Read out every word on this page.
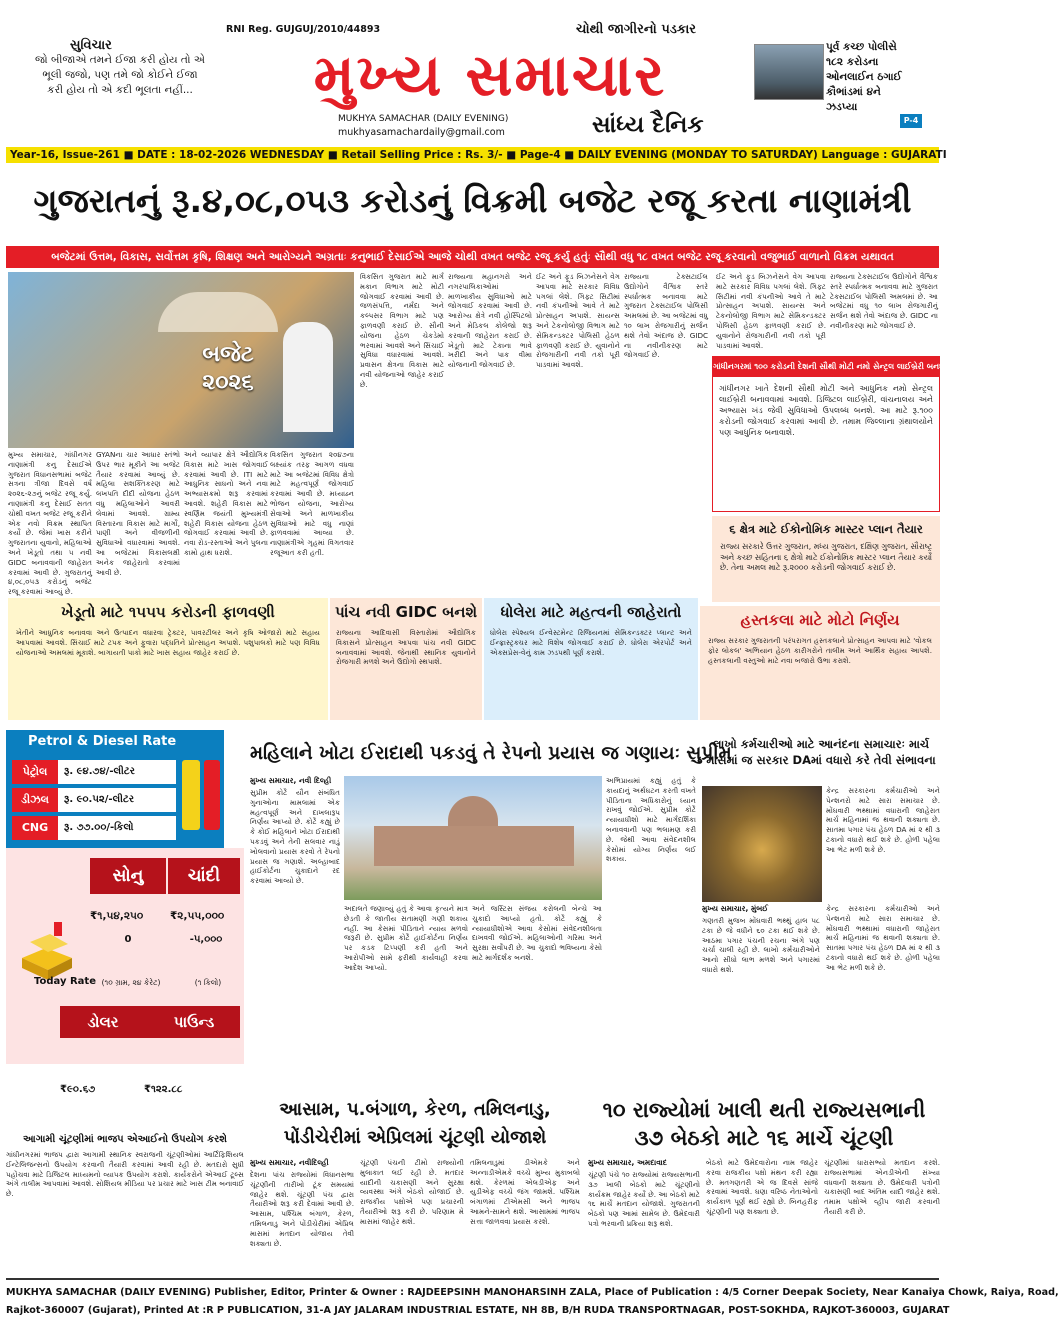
સુવિચાર
જો બીજાએ તમને ઈજા કરી હોય તો એ
ભૂલી જજો, પણ તમે જો કોઈને ઈજા
કરી હોય તો એ કદી ભૂલતા નહીં...
RNI Reg. GUJGUJ/2010/44893	ચોથી જાગીરનો પડકાર
મુખ્ય સમાચાર
MUKHYA SAMACHAR (DAILY EVENING)
mukhyasamachardaily@gmail.com	સાંધ્ય દૈનિક
પૂર્વ કચ્છ પોલીસે
૧૮૨ કરોડના
ઓનલાઈન ઠગાઈ
કૌભાંડમાં ૪ને
ઝડપ્યા
P-4
Year-16, Issue-261 ■ DATE : 18-02-2026 WEDNESDAY ■ Retail Selling Price : Rs. 3/- ■ Page-4 ■ DAILY EVENING (MONDAY TO SATURDAY) Language : GUJARATI
ગુજરાતનું રૂ.૪,૦૮,૦૫૩ કરોડનું વિક્રમી બજેટ રજૂ કરતા નાણામંત્રી
બજેટમાં ઉત્તમ, વિકાસ, સર્વોત્તમ કૃષિ, શિક્ષણ અને આરોગ્યને અગ્રતાઃ કનુભાઈ દેસાઈએ આજે ચોથી વખત બજેટ રજૂ કર્યુ હતુંઃ સૌથી વધુ ૧૮ વખત બજેટ રજૂ કરવાનો વજુભાઈ વાળાનો વિક્રમ યથાવત
બજેટ ૨૦૨૬
મુખ્ય સમાચાર, ગાંધીનગર નાણામંત્રી કનુ દેસાઈએ ગુજરાત વિધાનસભામાં બજેટ સત્રના ત્રીજા દિવસે વર્ષ ૨૦૨૬-૨૭નું બજેટ રજૂ કર્યુ. નાણામંત્રી કનુ દેસાઈ સતત ચોથી વખત બજેટ રજૂ કરીને એક નવો વિક્રમ સ્થાપિત કર્યો છે. જેમાં ખાસ કરીને ગુજરાતના યુવાનો, મહિલાઓ અને ખેડૂતો તથા ૫ નવી GIDC બનાવવાની જાહેરાત કરવામાં આવી છે. ગુજરાતનું ૪,૦૮,૦૫૩ કરોડનું બજેટ રજૂ કરવામાં આવ્યું છે.
GYANના ચાર આધાર સ્તંભો ઉપર ભાર મૂકીને આ બજેટ તૈયાર કરવામાં આવ્યું છે. મહિલા સશક્તિકરણ માટે લખપતિ દીદી યોજના હેઠળ વધુ મહિલાઓને આવરી લેવામાં આવશે. ગ્રામ્ય વિસ્તારના વિકાસ માટે માર્ગો, પાણી અને વીજળીની સુવિધાઓ વધારવામાં આવશે. આ બજેટમાં વિકાસલક્ષી અનેક જાહેરાતો કરવામાં આવી છે.
અને વ્યાપાર ક્ષેત્રે ઔદ્યોગિક વિકાસ માટે ખાસ જોગવાઈ કરવામાં આવી છે. ITI માટે આધુનિક સાધનો અને નવા અભ્યાસક્રમો શરૂ કરવામાં આવશે. શહેરી વિકાસ માટે સ્વર્ણિમ જયંતી મુખ્યમંત્રી શહેરી વિકાસ યોજના હેઠળ જોગવાઈ કરવામાં આવી છે. નવા રોડ-રસ્તાઓ અને પુલના કામો હાથ ધરાશે.
વિકસિત ગુજરાત ૨૦૪૭ના લક્ષ્યાંક તરફ આગળ વધવા માટે આ બજેટમાં વિવિધ ક્ષેત્રો માટે મહત્વપૂર્ણ જોગવાઈ કરવામાં આવી છે. મધ્યાહ્ન ભોજન યોજના, આરોગ્ય સેવાઓ અને માળખાકીય સુવિધાઓ માટે વધુ નાણાં ફાળવવામાં આવ્યા છે. નાણામંત્રીએ ગૃહમાં વિગતવાર રજૂઆત કરી હતી.
વિકસિત ગુજરાત માટે માર્ગ મકાન વિભાગ માટે મોટી જોગવાઈ કરવામાં આવી છે. જળસંપત્તિ, નર્મદા અને કલ્પસર વિભાગ માટે પણ ફાળવણી કરાઈ છે. સૌની યોજના હેઠળ ચેકડેમો ભરવામાં આવશે અને સિંચાઈ સુવિધા વધારવામાં આવશે. પ્રવાસન ક્ષેત્રના વિકાસ માટે નવી યોજનાઓ જાહેર કરાઈ છે.
રાજ્યના મહાનગરો અને નગરપાલિકાઓમાં માળખાકીય સુવિધાઓ માટે જોગવાઈ કરવામાં આવી છે. આરોગ્ય ક્ષેત્રે નવી હોસ્પિટલો અને મેડિકલ કોલેજો શરૂ કરવાની જાહેરાત કરાઈ છે. ખેડૂતો માટે ટેકાના ભાવે ખરીદી અને પાક વીમા યોજનાની જોગવાઈ છે.
ઈટ અને ફૂડ બિઝનેસને વેગ આપવા માટે સરકાર વિવિધ પગલાં લેશે. ગિફ્ટ સિટીમાં નવી કંપનીઓ આવે તે માટે પ્રોત્સાહન અપાશે. સાયન્સ અને ટેકનોલોજી વિભાગ માટે સેમિકન્ડક્ટર પોલિસી હેઠળ ફાળવણી કરાઈ છે. યુવાનોને રોજગારીની નવી તકો પૂરી પાડવામાં આવશે.
રાજ્યના ટેક્સટાઈલ ઉદ્યોગોને વૈશ્વિક સ્તરે સ્પર્ધાત્મક બનાવવા માટે ગુજરાત ટેક્સટાઈલ પોલિસી અમલમાં છે. આ બજેટમાં વધુ ૧૦ લાખ રોજગારીનું સર્જન થશે તેવો અંદાજ છે. GIDC ના નવીનીકરણ માટે જોગવાઈ છે.
ઈટ અને ફૂડ બિઝનેસને વેગ આપવા માટે સરકાર વિવિધ પગલાં લેશે. ગિફ્ટ સિટીમાં નવી કંપનીઓ આવે તે માટે પ્રોત્સાહન અપાશે. સાયન્સ અને ટેકનોલોજી વિભાગ માટે સેમિકન્ડક્ટર પોલિસી હેઠળ ફાળવણી કરાઈ છે. યુવાનોને રોજગારીની નવી તકો પૂરી પાડવામાં આવશે.
રાજ્યના ટેક્સટાઈલ ઉદ્યોગોને વૈશ્વિક સ્તરે સ્પર્ધાત્મક બનાવવા માટે ગુજરાત ટેક્સટાઈલ પોલિસી અમલમાં છે. આ બજેટમાં વધુ ૧૦ લાખ રોજગારીનું સર્જન થશે તેવો અંદાજ છે. GIDC ના નવીનીકરણ માટે જોગવાઈ છે.
ગાંધીનગરમાં ૧૦૦ કરોડની દેશની સૌથી મોટી નમો સેન્ટ્રલ લાઈબ્રેરી બનશે
ગાંધીનગર ખાતે દેશની સૌથી મોટી અને આધુનિક નમો સેન્ટ્રલ લાઈબ્રેરી બનાવવામાં આવશે. ડિજિટલ લાઈબ્રેરી, વાંચનાલય અને અભ્યાસ ખંડ જેવી સુવિધાઓ ઉપલબ્ધ બનશે. આ માટે રૂ.૧૦૦ કરોડની જોગવાઈ કરવામાં આવી છે. તમામ જિલ્લાના ગ્રંથાલયોને પણ આધુનિક બનાવાશે.
૬ ક્ષેત્ર માટે ઈકોનોમિક માસ્ટર પ્લાન તૈયાર
રાજ્ય સરકારે ઉત્તર ગુજરાત, મધ્ય ગુજરાત, દક્ષિણ ગુજરાત, સૌરાષ્ટ્ર અને કચ્છ સહિતના ૬ ક્ષેત્રો માટે ઈકોનોમિક માસ્ટર પ્લાન તૈયાર કર્યો છે. તેના અમલ માટે રૂ.૨૦૦૦ કરોડની જોગવાઈ કરાઈ છે.
ખેડૂતો માટે ૧૫૫૫ કરોડની ફાળવણી
ખેતીને આધુનિક બનાવવા અને ઉત્પાદન વધારવા ટ્રેક્ટર, પાવરટીલર અને કૃષિ ઓજારો માટે સહાય આપવામાં આવશે. સિંચાઈ માટે ટપક અને ફુવારા પદ્ધતિને પ્રોત્સાહન અપાશે. પશુપાલકો માટે પણ વિવિધ યોજનાઓ અમલમાં મૂકાશે. બાગાયતી પાકો માટે ખાસ સહાય જાહેર કરાઈ છે.
પાંચ નવી GIDC બનશે
રાજ્યના આદિવાસી વિસ્તારોમાં ઔદ્યોગિક વિકાસને પ્રોત્સાહન આપવા પાંચ નવી GIDC બનાવવામાં આવશે. જેનાથી સ્થાનિક યુવાનોને રોજગારી મળશે અને ઉદ્યોગો સ્થપાશે.
ધોલેરા માટે મહત્વની જાહેરાતો
ધોલેરા સ્પેશ્યલ ઈન્વેસ્ટમેન્ટ રિજિયનમાં સેમિકન્ડક્ટર પ્લાન્ટ અને ઈન્ફ્રાસ્ટ્રક્ચર માટે વિશેષ જોગવાઈ કરાઈ છે. ધોલેરા એરપોર્ટ અને એક્સપ્રેસ-વેનું કામ ઝડપથી પૂર્ણ કરાશે.
હસ્તકલા માટે મોટો નિર્ણય
રાજ્ય સરકાર ગુજરાતની પરંપરાગત હસ્તકલાને પ્રોત્સાહન આપવા માટે 'વોકલ ફોર લોકલ' અભિયાન હેઠળ કારીગરોને તાલીમ અને આર્થિક સહાય આપશે. હસ્તકલાની વસ્તુઓ માટે નવા બજારો ઉભા કરાશે.
Petrol & Diesel Rate
પેટ્રોલ	રૂ. ૯૪.૭૪/-લીટર
ડીઝલ	રૂ. ૯૦.૫૨/-લીટર
CNG	રૂ. ૭૭.૦૦/-કિલો
સોનુ	ચાંદી
₹૧,૫૪,૨૫૦	₹૨,૫૫,૦૦૦
0	-૫,૦૦૦
Today Rate (૧૦ ગ્રામ, ૨૪ કેરેટ)	(૧ કિલો)
ડોલર	પાઉન્ડ
₹૯૦.૬૭	₹૧૨૨.૮૮
આગામી ચૂંટણીમાં ભાજપ એઆઈનો ઉપયોગ કરશે
ગાંધીનગરમાં ભાજપ દ્વારા આગામી સ્થાનિક સ્વરાજની ચૂંટણીઓમાં આર્ટિફિશિયલ ઈન્ટેલિજન્સનો ઉપયોગ કરવાની તૈયારી કરવામાં આવી રહી છે. મતદારો સુધી પહોંચવા માટે ડિજિટલ માધ્યમનો વ્યાપક ઉપયોગ કરાશે. કાર્યકરોને એઆઈ ટૂલ્સ અંગે તાલીમ આપવામાં આવશે. સોશિયલ મીડિયા પર પ્રચાર માટે ખાસ ટીમ બનાવાઈ છે.
મહિલાને ખોટા ઈરાદાથી પકડવું તે રેપનો પ્રયાસ જ ગણાયઃ સુપ્રીમ
મુખ્ય સમાચાર, નવી દિલ્હી
સુપ્રીમ કોર્ટે યૌન સંબંધિત ગુનાઓના મામલામાં એક મહત્વપૂર્ણ અને દાખલારૂપ નિર્ણય આપ્યો છે. કોર્ટે કહ્યું છે કે કોઈ મહિલાને ખોટા ઈરાદાથી પકડવું અને તેની સલવાર નાડું ખોલવાનો પ્રયાસ કરવો તે રેપનો પ્રયાસ જ ગણાશે. અલ્હાબાદ હાઈકોર્ટના ચુકાદાને રદ કરવામાં આવ્યો છે.
અદાલતે જણાવ્યું હતું કે આવા કૃત્યને માત્ર છેડતી કે જાતીય સતામણી ગણી શકાય નહીં. આ કેસમાં પીડિતાને ન્યાય મળવો જરૂરી છે. સુપ્રીમ કોર્ટે હાઈકોર્ટના નિર્ણય પર કડક ટિપ્પણી કરી હતી અને આરોપીઓ સામે ફરીથી કાર્યવાહી કરવા આદેશ આપ્યો.
અને જસ્ટિસ સંજય કરોલની બેન્ચે આ ચુકાદો આપ્યો હતો. કોર્ટે કહ્યું કે ન્યાયાધીશોએ આવા કેસોમાં સંવેદનશીલતા દાખવવી જોઈએ. મહિલાઓની ગરિમા અને સુરક્ષા સર્વોપરી છે. આ ચુકાદો ભવિષ્યના કેસો માટે માર્ગદર્શક બનશે.
અભિપ્રાયમાં કહ્યું હતું કે કાયદાનું અર્થઘટન કરતી વખતે પીડિતાના અધિકારોનું ધ્યાન રાખવું જોઈએ. સુપ્રીમ કોર્ટે ન્યાયાધીશો માટે માર્ગદર્શિકા બનાવવાની પણ ભલામણ કરી છે. જેથી આવા સંવેદનશીલ કેસોમાં યોગ્ય નિર્ણય લઈ શકાય.
લાખો કર્મચારીઓ માટે આનંદના સમાચારઃ માર્ચ માસમાં જ સરકાર DAમાં વધારો કરે તેવી સંભાવના
કેન્દ્ર સરકારના કર્મચારીઓ અને પેન્શનરો માટે સારા સમાચાર છે. મોંઘવારી ભથ્થામાં વધારાની જાહેરાત માર્ચ મહિનામાં જ થવાની શક્યતા છે. સાતમા પગાર પંચ હેઠળ DA માં ૨ થી ૩ ટકાનો વધારો થઈ શકે છે. હોળી પહેલા આ ભેટ મળી શકે છે.
મુખ્ય સમાચાર, મુંબઈ
ગણતરી મુજબ મોંઘવારી ભથ્થું હાલ ૫૮ ટકા છે જે વધીને ૬૦ ટકા થઈ શકે છે. આઠમા પગાર પંચની રચના અંગે પણ ચર્ચા ચાલી રહી છે. લાખો કર્મચારીઓને આનો સીધો લાભ મળશે અને પગારમાં વધારો થશે.
કેન્દ્ર સરકારના કર્મચારીઓ અને પેન્શનરો માટે સારા સમાચાર છે. મોંઘવારી ભથ્થામાં વધારાની જાહેરાત માર્ચ મહિનામાં જ થવાની શક્યતા છે. સાતમા પગાર પંચ હેઠળ DA માં ૨ થી ૩ ટકાનો વધારો થઈ શકે છે. હોળી પહેલા આ ભેટ મળી શકે છે.
આસામ, પ.બંગાળ, કેરળ, તમિલનાડુ, પોંડીચેરીમાં એપ્રિલમાં ચૂંટણી યોજાશે
મુખ્ય સમાચાર, નવીદિલ્હી
દેશના પાંચ રાજ્યોમાં વિધાનસભા ચૂંટણીની તારીખો ટૂંક સમયમાં જાહેર થશે. ચૂંટણી પંચ દ્વારા તૈયારીઓ શરૂ કરી દેવામાં આવી છે. આસામ, પશ્ચિમ બંગાળ, કેરળ, તમિલનાડુ અને પોંડીચેરીમાં એપ્રિલ માસમાં મતદાન યોજાય તેવી શક્યતા છે.
ચૂંટણી પંચની ટીમો રાજ્યોની મુલાકાત લઈ રહી છે. મતદાર યાદીની ચકાસણી અને સુરક્ષા વ્યવસ્થા અંગે બેઠકો યોજાઈ છે. રાજકીય પક્ષોએ પણ પ્રચારની તૈયારીઓ શરૂ કરી છે. પરિણામ મે માસમાં જાહેર થશે.
તમિલનાડુમાં ડીએમકે અને અન્નાડીએમકે વચ્ચે મુખ્ય મુકાબલો થશે. કેરળમાં એલડીએફ અને યુડીએફ વચ્ચે જંગ જામશે. પશ્ચિમ બંગાળમાં ટીએમસી અને ભાજપ આમને-સામને થશે. આસામમાં ભાજપ સત્તા જાળવવા પ્રયાસ કરશે.
૧૦ રાજ્યોમાં ખાલી થતી રાજ્યસભાની ૩૭ બેઠકો માટે ૧૬ માર્ચે ચૂંટણી
મુખ્ય સમાચાર, અમદાવાદ
ચૂંટણી પંચે ૧૦ રાજ્યોમાં રાજ્યસભાની ૩૭ ખાલી બેઠકો માટે ચૂંટણીનો કાર્યક્રમ જાહેર કર્યો છે. આ બેઠકો માટે ૧૬ માર્ચે મતદાન યોજાશે. ગુજરાતની બેઠકો પણ આમાં સામેલ છે. ઉમેદવારી પત્રો ભરવાની પ્રક્રિયા શરૂ થશે.
બેઠકો માટે ઉમેદવારોના નામ જાહેર કરવા રાજકીય પક્ષો મંથન કરી રહ્યા છે. મતગણતરી એ જ દિવસે સાંજે કરવામાં આવશે. ઘણા વરિષ્ઠ નેતાઓનો કાર્યકાળ પૂર્ણ થઈ રહ્યો છે. બિનહરીફ ચૂંટણીની પણ શક્યતા છે.
ચૂંટણીમાં ધારાસભ્યો મતદાન કરશે. રાજ્યસભામાં એનડીએની સંખ્યા વધવાની શક્યતા છે. ઉમેદવારી પત્રોની ચકાસણી બાદ અંતિમ યાદી જાહેર થશે. તમામ પક્ષોએ વ્હીપ જારી કરવાની તૈયારી કરી છે.
MUKHYA SAMACHAR (DAILY EVENING) Publisher, Editor, Printer & Owner : RAJDEEPSINH MANOHARSINH ZALA, Place of Publication : 4/5 Corner Deepak Society, Near Kanaiya Chowk, Raiya, Road,
Rajkot-360007 (Gujarat), Printed At :R P PUBLICATION, 31-A JAY JALARAM INDUSTRIAL ESTATE, NH 8B, B/H RUDA TRANSPORTNAGAR, POST-SOKHDA, RAJKOT-360003, GUJARAT
